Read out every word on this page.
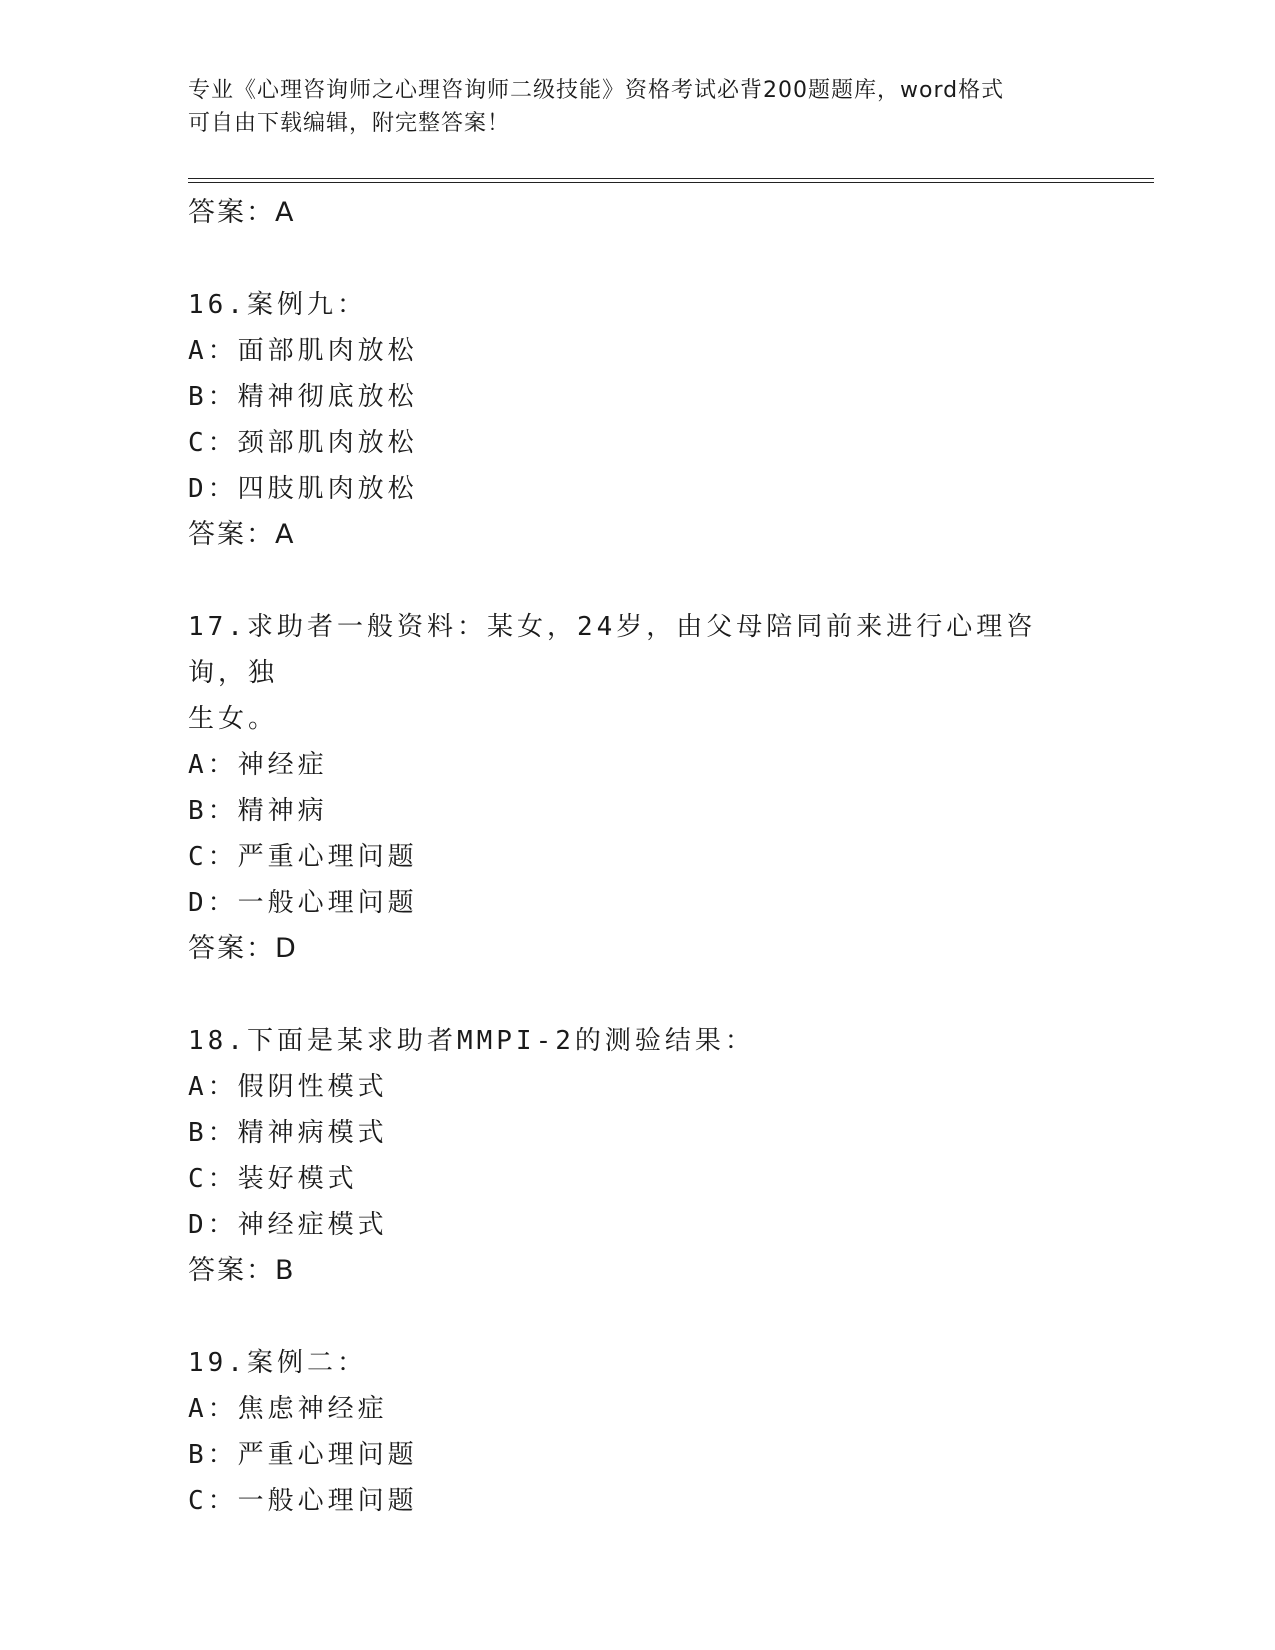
专业《心理咨询师之心理咨询师二级技能》资格考试必背200题题库，word格式
可自由下载编辑，附完整答案！
答案：A
16.案例九：
A：面部肌肉放松
B：精神彻底放松
C：颈部肌肉放松
D：四肢肌肉放松
答案：A
17.求助者一般资料：某女，24岁，由父母陪同前来进行心理咨询，独
生女。
A：神经症
B：精神病
C：严重心理问题
D：一般心理问题
答案：D
18.下面是某求助者MMPI-2的测验结果：
A：假阴性模式
B：精神病模式
C：装好模式
D：神经症模式
答案：B
19.案例二：
A：焦虑神经症
B：严重心理问题
C：一般心理问题
